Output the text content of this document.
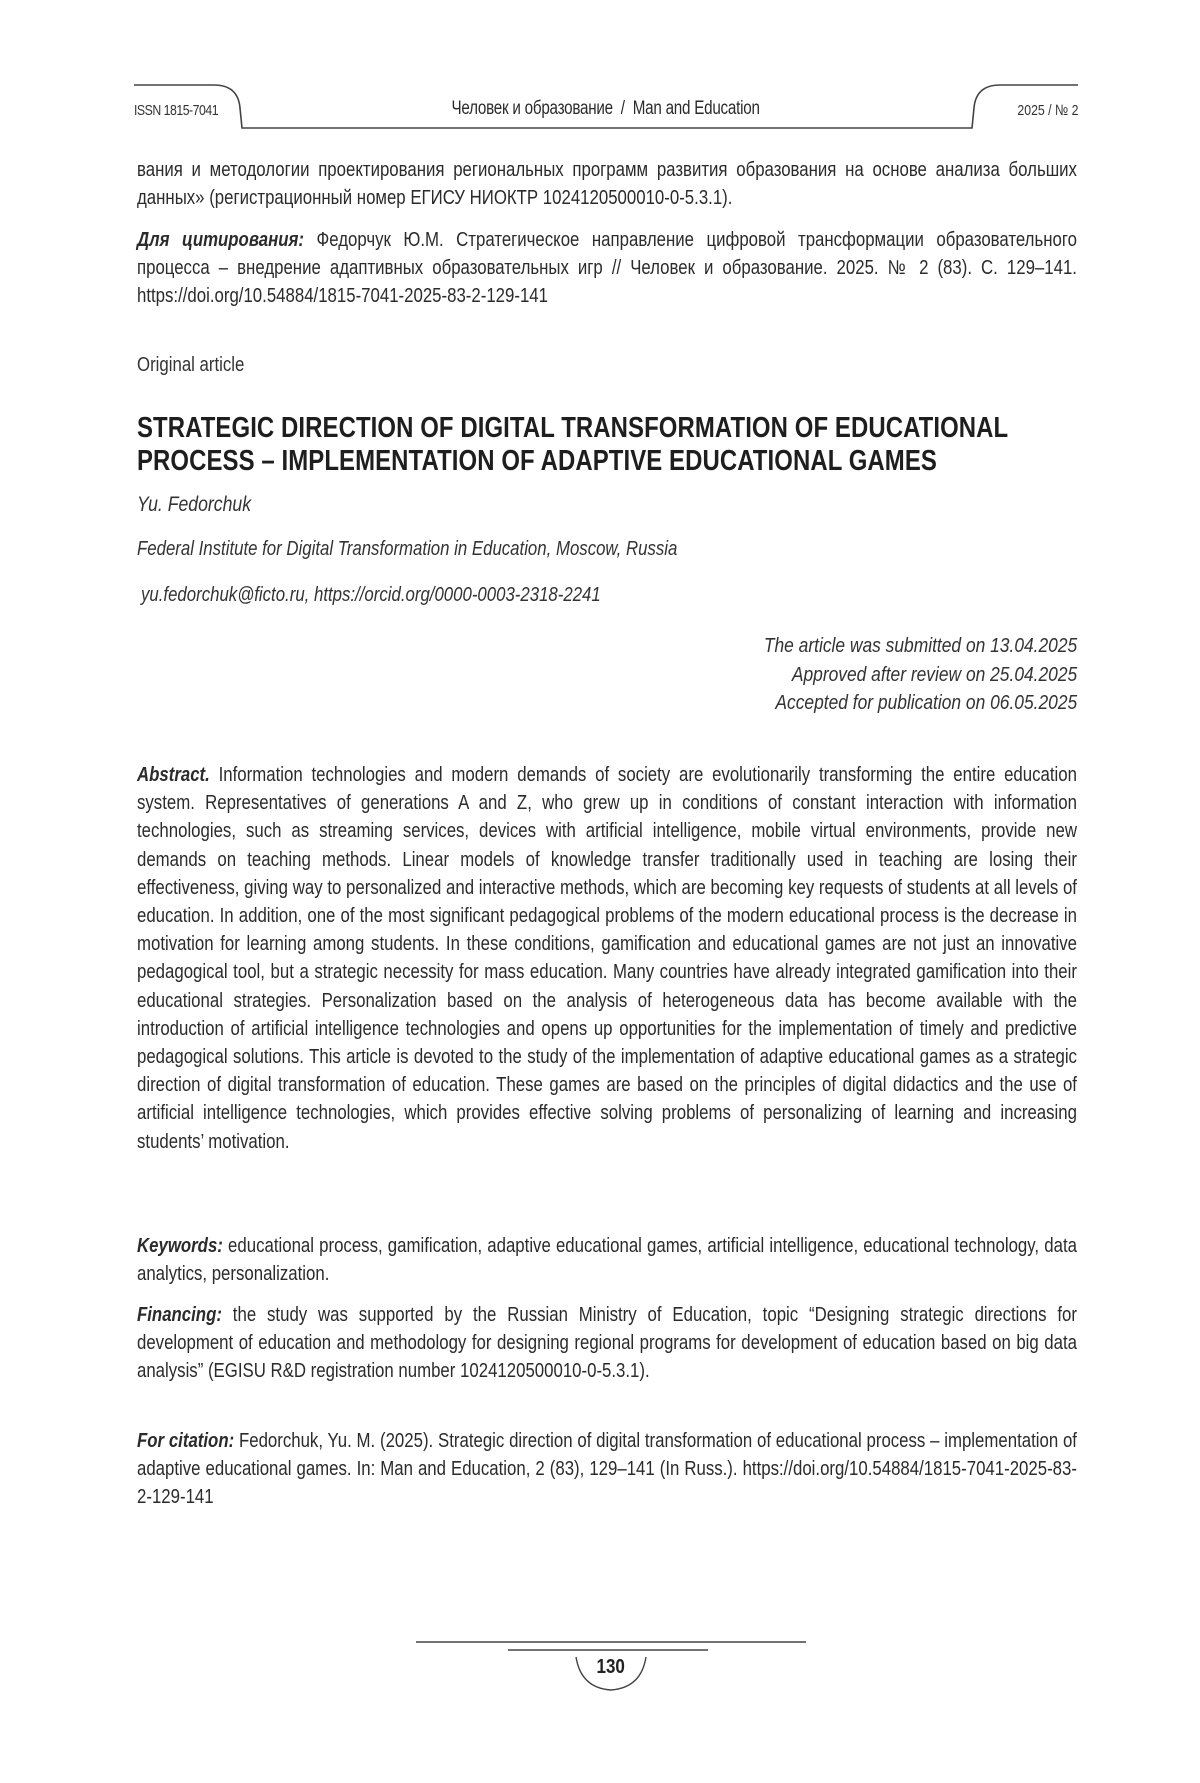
ISSN 1815-7041	Человек и образование  /  Man and Education	2025 / № 2

вания и методологии проектирования региональных программ развития образования на основе анализа больших данных» (регистрационный номер ЕГИСУ НИОКТР 1024120500010-0-5.3.1).

Для цитирования: Федорчук Ю.М. Стратегическое направление цифровой трансформации образовательного процесса – внедрение адаптивных образовательных игр // Человек и образование. 2025. № 2 (83). С. 129–141. https://doi.org/10.54884/1815-7041-2025-83-2-129-141

Original article
STRATEGIC DIRECTION OF DIGITAL TRANSFORMATION OF EDUCATIONAL PROCESS – IMPLEMENTATION OF ADAPTIVE EDUCATIONAL GAMES
Yu. Fedorchuk
Federal Institute for Digital Transformation in Education, Moscow, Russia
yu.fedorchuk@ficto.ru, https://orcid.org/0000-0003-2318-2241
The article was submitted on 13.04.2025
Approved after review on 25.04.2025
Accepted for publication on 06.05.2025

Abstract. Information technologies and modern demands of society are evolutionarily transforming the entire education system. Representatives of generations A and Z, who grew up in conditions of constant interaction with information technologies, such as streaming services, devices with artificial intelligence, mobile virtual environments, provide new demands on teaching methods. Linear models of knowledge transfer traditionally used in teaching are losing their effectiveness, giving way to personalized and interactive methods, which are becoming key requests of students at all levels of education. In addition, one of the most significant pedagogical problems of the modern educational process is the decrease in motivation for learning among students. In these conditions, gamification and educational games are not just an innovative pedagogical tool, but a strategic necessity for mass education. Many countries have already integrated gamification into their educational strategies. Personalization based on the analysis of heterogeneous data has become available with the introduction of artificial intelligence technologies and opens up opportunities for the implementation of timely and predictive pedagogical solutions. This article is devoted to the study of the implementation of adaptive educational games as a strategic direction of digital transformation of education. These games are based on the principles of digital didactics and the use of artificial intelligence technologies, which provides effective solving problems of personalizing of learning and increasing students’ motivation.

Keywords: educational process, gamification, adaptive educational games, artificial intelligence, educational technology, data analytics, personalization.

Financing: the study was supported by the Russian Ministry of Education, topic “Designing strategic directions for development of education and methodology for designing regional programs for development of education based on big data analysis” (EGISU R&D registration number 1024120500010-0-5.3.1).

For citation: Fedorchuk, Yu. M. (2025). Strategic direction of digital transformation of educational process – implementation of adaptive educational games. In: Man and Education, 2 (83), 129–141 (In Russ.). https://doi.org/10.54884/1815-7041-2025-83-2-129-141

130
